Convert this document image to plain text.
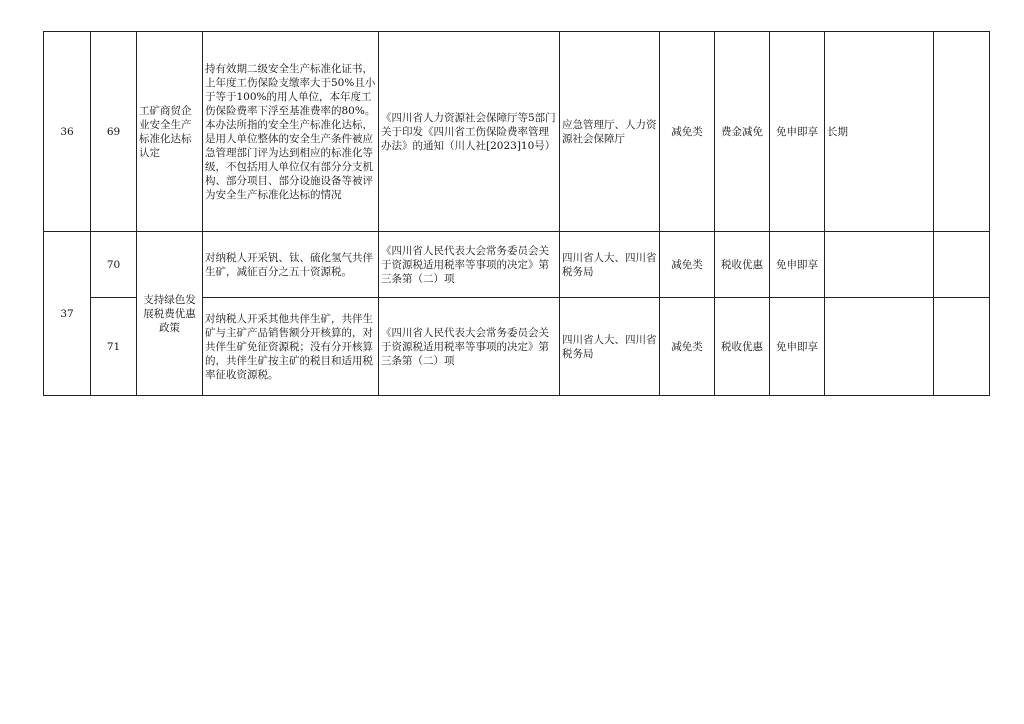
36	69	工矿商贸企业安全生产标准化达标认定	持有效期二级安全生产标准化证书，上年度工伤保险支缴率大于50%且小于等于100%的用人单位，本年度工伤保险费率下浮至基准费率的80%。本办法所指的安全生产标准化达标，是用人单位整体的安全生产条件被应急管理部门评为达到相应的标准化等级，不包括用人单位仅有部分分支机构、部分项目、部分设施设备等被评为安全生产标准化达标的情况	《四川省人力资源社会保障厅等5部门关于印发《四川省工伤保险费率管理办法》的通知（川人社[2023]10号）	应急管理厅、人力资源社会保障厅	减免类	费金减免	免申即享	长期	
37	70	支持绿色发展税费优惠政策	对纳税人开采钒、钛、硫化氢气共伴生矿，减征百分之五十资源税。	《四川省人民代表大会常务委员会关于资源税适用税率等事项的决定》第三条第（二）项	四川省人大、四川省税务局	减免类	税收优惠	免申即享		
	71		对纳税人开采其他共伴生矿，共伴生矿与主矿产品销售额分开核算的，对共伴生矿免征资源税；没有分开核算的，共伴生矿按主矿的税目和适用税率征收资源税。	《四川省人民代表大会常务委员会关于资源税适用税率等事项的决定》第三条第（二）项	四川省人大、四川省税务局	减免类	税收优惠	免申即享		
